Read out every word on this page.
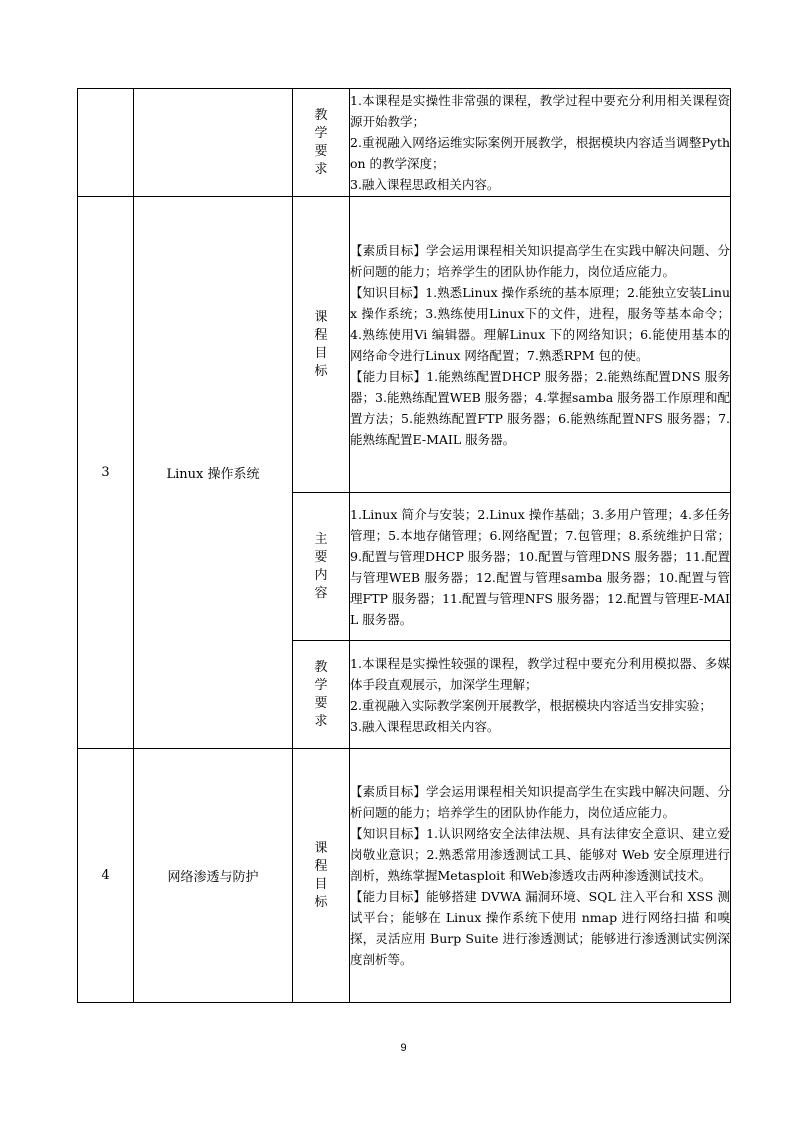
		教学要求	1.本课程是实操性非常强的课程，教学过程中要充分利用相关课程资源开始教学；
2.重视融入网络运维实际案例开展教学，根据模块内容适当调整Python 的教学深度；
3.融入课程思政相关内容。

3	Linux 操作系统	课程目标	【素质目标】学会运用课程相关知识提高学生在实践中解决问题、分析问题的能力；培养学生的团队协作能力，岗位适应能力。
【知识目标】1.熟悉Linux 操作系统的基本原理；2.能独立安装Linux 操作系统；3.熟练使用Linux下的文件，进程，服务等基本命令；4.熟练使用Vi 编辑器。理解Linux 下的网络知识；6.能使用基本的网络命令进行Linux 网络配置；7.熟悉RPM 包的使。
【能力目标】1.能熟练配置DHCP 服务器；2.能熟练配置DNS 服务器；3.能熟练配置WEB 服务器；4.掌握samba 服务器工作原理和配置方法；5.能熟练配置FTP 服务器；6.能熟练配置NFS 服务器；7.能熟练配置E-MAIL 服务器。

		主要内容	1.Linux 简介与安装；2.Linux 操作基础；3.多用户管理；4.多任务管理；5.本地存储管理；6.网络配置；7.包管理；8.系统维护日常；9.配置与管理DHCP 服务器；10.配置与管理DNS 服务器；11.配置与管理WEB 服务器；12.配置与管理samba 服务器；10.配置与管理FTP 服务器；11.配置与管理NFS 服务器；12.配置与管理E-MAIL 服务器。

		教学要求	1.本课程是实操性较强的课程，教学过程中要充分利用模拟器、多媒体手段直观展示，加深学生理解；
2.重视融入实际教学案例开展教学，根据模块内容适当安排实验；
3.融入课程思政相关内容。

4	网络渗透与防护	课程目标	【素质目标】学会运用课程相关知识提高学生在实践中解决问题、分析问题的能力；培养学生的团队协作能力，岗位适应能力。
【知识目标】1.认识网络安全法律法规、具有法律安全意识、建立爱岗敬业意识；2.熟悉常用渗透测试工具、能够对 Web 安全原理进行剖析，熟练掌握Metasploit 和Web渗透攻击两种渗透测试技术。
【能力目标】能够搭建 DVWA 漏洞环境、SQL 注入平台和 XSS 测试平台；能够在 Linux 操作系统下使用 nmap 进行网络扫描 和嗅探，灵活应用 Burp Suite 进行渗透测试；能够进行渗透测试实例深度剖析等。
9
